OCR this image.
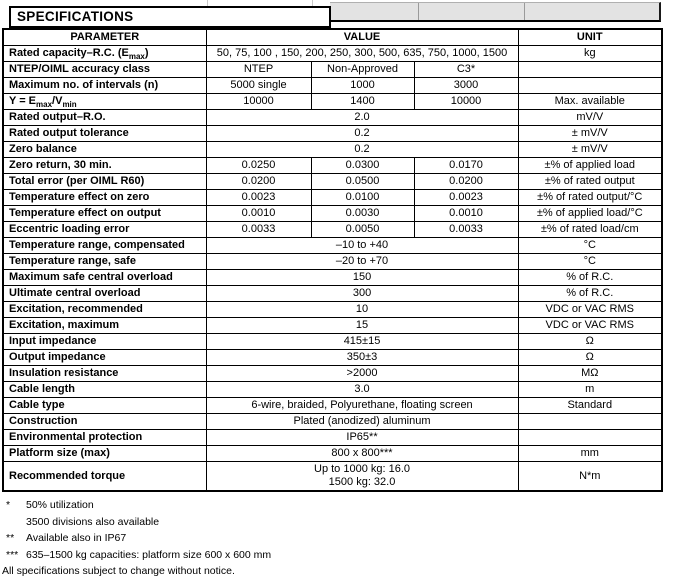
SPECIFICATIONS
PARAMETER	VALUE			UNIT
Rated capacity–R.C. $(E_{max})$	50, 75, 100 , 150, 200, 250, 300, 500, 635, 750, 1000, 1500			kg
NTEP/OIML accuracy class	NTEP	Non-Approved	C3*	
Maximum no. of intervals (n)	5000 single	1000	3000	
$Y = E_{max}/V_{min}$	10000	1400	10000	Max. available
Rated output–R.O.	2.0			mV/V
Rated output tolerance	0.2			± mV/V
Zero balance	0.2			± mV/V
Zero return, 30 min.	0.0250	0.0300	0.0170	±% of applied load
Total error (per OIML R60)	0.0200	0.0500	0.0200	±% of rated output
Temperature effect on zero	0.0023	0.0100	0.0023	±% of rated output/°C
Temperature effect on output	0.0010	0.0030	0.0010	±% of applied load/°C
Eccentric loading error	0.0033	0.0050	0.0033	±% of rated load/cm
Temperature range, compensated	–10 to +40			°C
Temperature range, safe	–20 to +70			°C
Maximum safe central overload	150			% of R.C.
Ultimate central overload	300			% of R.C.
Excitation, recommended	10			VDC or VAC RMS
Excitation, maximum	15			VDC or VAC RMS
Input impedance	415±15			Ω
Output impedance	350±3			Ω
Insulation resistance	>2000			MΩ
Cable length	3.0			m
Cable type	6-wire, braided, Polyurethane, floating screen			Standard
Construction	Plated (anodized) aluminum			
Environmental protection	IP65**			
Platform size (max)	800 x 800***			mm
Recommended torque	Up to 1000 kg: 16.0
1500 kg: 32.0			N*m
*	50% utilization
3500 divisions also available
**	Available also in IP67
*** 635–1500 kg capacities: platform size 600 x 600 mm
All specifications subject to change without notice.
